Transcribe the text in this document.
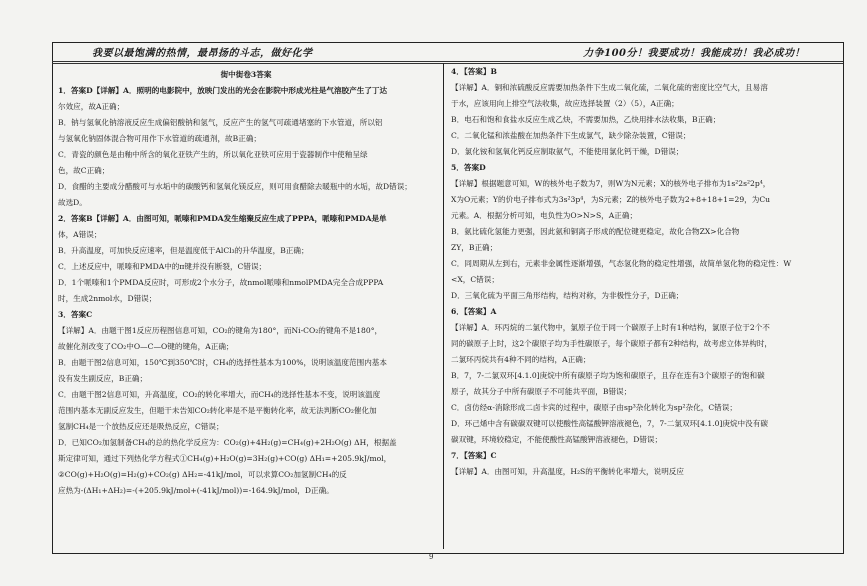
我要以最饱满的热情，最昂扬的斗志，做好化学	力争100分！我要成功！我能成功！我必成功！

街中街卷3答案

1．答案D【详解】A．照明的电影院中，放映门发出的光会在影院中形成光柱是气溶胶产生了丁达

尔效应，故A正确；

B．钠与氢氧化钠溶液反应生成偏铝酸钠和氢气，反应产生的氢气可疏通堵塞的下水管道，所以铝

与氢氧化钠固体混合物可用作下水管道的疏通剂，故B正确；

C．青瓷的颜色是由釉中所含的氧化亚铁产生的，所以氧化亚铁可应用于瓷器制作中使釉呈绿

色，故C正确；

D．食醋的主要成分醋酸可与水垢中的碳酸钙和氢氧化镁反应，则可用食醋除去暖瓶中的水垢，故D错误；

故选D。

2．答案B【详解】A．由图可知，哌嗪和PMDA发生缩聚反应生成了PPPA，哌嗪和PMDA是单

体，A错误；

B．升高温度，可加快反应速率，但是温度低于AlCl₃的升华温度，B正确；

C．上述反应中，哌嗪和PMDA中的π键并没有断裂，C错误；

D．1个哌嗪和1个PMDA反应时，可形成2个水分子，故nmol哌嗪和nmolPMDA完全合成PPPA

时，生成2nmol水，D错误；

3．答案C

【详解】A．由题干图1反应历程图信息可知，CO₂的键角为180°，而Ni-CO₂的键角不是180°，

故催化剂改变了CO₂中O—C—O键的键角，A正确；

B．由题干图2信息可知，150℃到350℃时，CH₄的选择性基本为100%，说明该温度范围内基本

没有发生副反应，B正确；

C．由题干图2信息可知，升高温度，CO₂的转化率增大，而CH₄的选择性基本不变，说明该温度

范围内基本无副反应发生，但题干未告知CO₂转化率是不是平衡转化率，故无法判断CO₂催化加

氢制CH₄是一个放热反应还是吸热反应，C错误；

D．已知CO₂加氢制备CH₄的总的热化学反应为：CO₂(g)+4H₂(g)=CH₄(g)+2H₂O(g) ΔH，根据盖

斯定律可知，通过下列热化学方程式①CH₄(g)+H₂O(g)=3H₂(g)+CO(g) ΔH₁=+205.9kJ/mol，

②CO(g)+H₂O(g)=H₂(g)+CO₂(g) ΔH₂=-41kJ/mol，可以求算CO₂加氢制CH₄的反

应热为-(ΔH₁+ΔH₂)=-(+205.9kJ/mol+(-41kJ/mol))=-164.9kJ/mol，D正确。

4．【答案】B

【详解】A．铜和浓硫酸反应需要加热条件下生成二氧化硫，二氧化硫的密度比空气大，且易溶

于水，应该用向上排空气法收集，故应选择装置（2）（5），A正确；

B．电石和饱和食盐水反应生成乙炔，不需要加热，乙炔用排水法收集，B正确；

C．二氧化锰和浓盐酸在加热条件下生成氯气，缺少除杂装置，C错误；

D．氯化铵和氢氧化钙反应制取氨气，不能使用氯化钙干燥，D错误；

5．答案D

【详解】根据题意可知，W的核外电子数为7，则W为N元素；X的核外电子排布为1s²2s²2p⁴，

X为O元素；Y的价电子排布式为3s²3p⁴，为S元素；Z的核外电子数为2+8+18+1=29，为Cu

元素。A．根据分析可知，电负性为O>N>S，A正确；

B．氨比硫化氢能力更强，因此氨和铜离子形成的配位键更稳定，故化合物ZX>化合物

ZY，B正确；

C．同周期从左到右，元素非金属性逐渐增强，气态氢化物的稳定性增强，故简单氢化物的稳定性：W

<X，C错误；

D．三氧化硫为平面三角形结构，结构对称，为非极性分子，D正确；

6．【答案】A

【详解】A．环丙烷的二氯代物中，氯原子位于同一个碳原子上时有1种结构，氯原子位于2个不

同的碳原子上时，这2个碳原子均为手性碳原子，每个碳原子都有2种结构，故考虑立体异构时，

二氯环丙烷共有4种不同的结构，A正确；

B．7，7-二氯双环[4.1.0]庚烷中所有碳原子均为饱和碳原子，且存在连有3个碳原子的饱和碳

原子，故其分子中所有碳原子不可能共平面，B错误；

C．卤仿经α-消除形成二卤卡宾的过程中，碳原子由sp³杂化转化为sp²杂化，C错误；

D．环己烯中含有碳碳双键可以使酸性高锰酸钾溶液褪色，7，7-二氯双环[4.1.0]庚烷中没有碳

碳双键，环境较稳定，不能使酸性高锰酸钾溶液褪色，D错误；

7．【答案】C

【详解】A．由图可知，升高温度，H₂S的平衡转化率增大，说明反应

9
